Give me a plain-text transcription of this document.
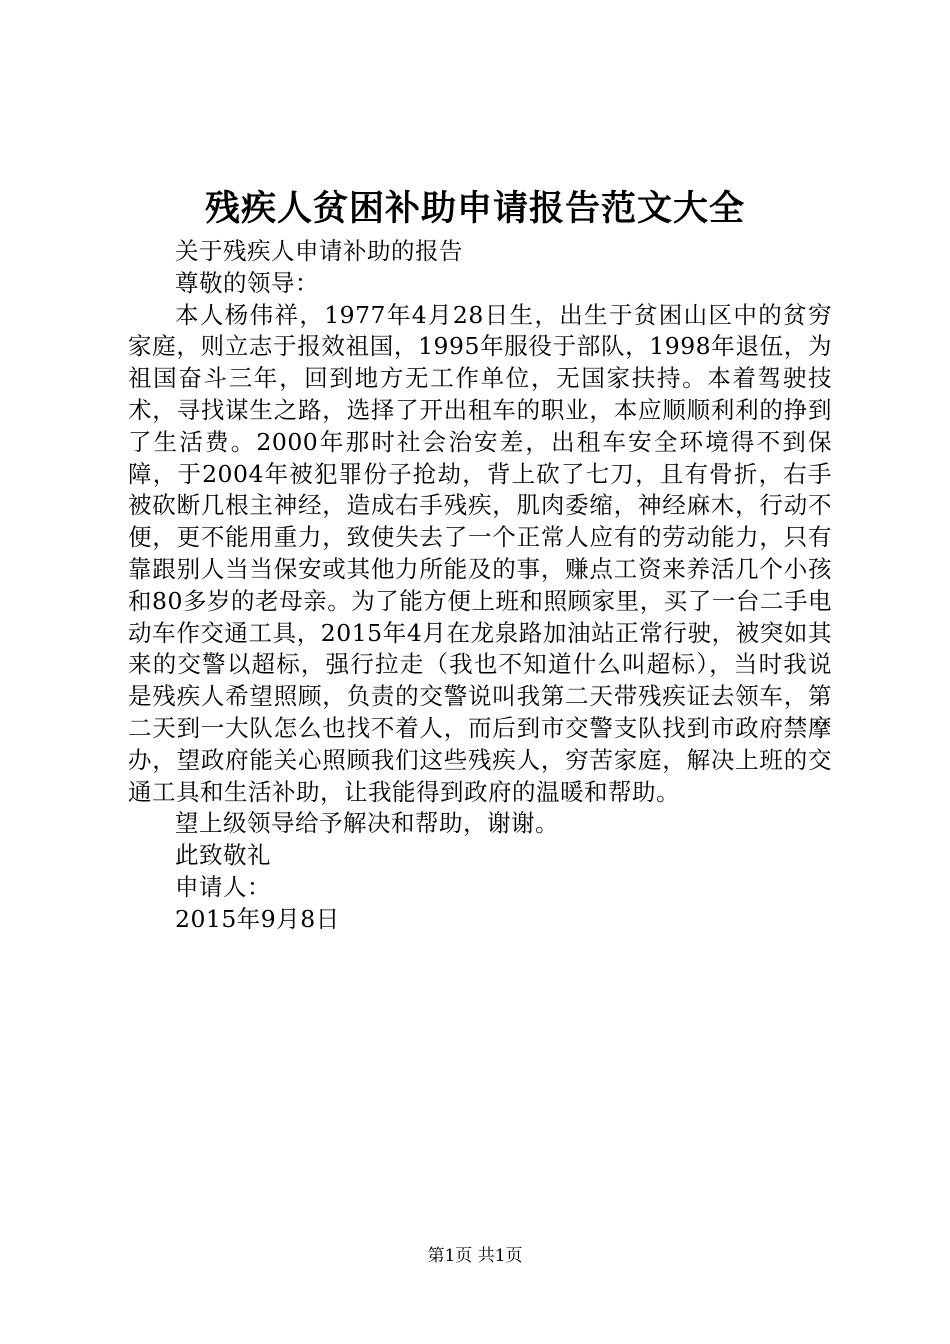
残疾人贫困补助申请报告范文大全

关于残疾人申请补助的报告

尊敬的领导：

本人杨伟祥，1977年4月28日生，出生于贫困山区中的贫穷家庭，则立志于报效祖国，1995年服役于部队，1998年退伍，为祖国奋斗三年，回到地方无工作单位，无国家扶持。本着驾驶技术，寻找谋生之路，选择了开出租车的职业，本应顺顺利利的挣到了生活费。2000年那时社会治安差，出租车安全环境得不到保障，于2004年被犯罪份子抢劫，背上砍了七刀，且有骨折，右手被砍断几根主神经，造成右手残疾，肌肉委缩，神经麻木，行动不便，更不能用重力，致使失去了一个正常人应有的劳动能力，只有靠跟别人当当保安或其他力所能及的事，赚点工资来养活几个小孩和80多岁的老母亲。为了能方便上班和照顾家里，买了一台二手电动车作交通工具，2015年4月在龙泉路加油站正常行驶，被突如其来的交警以超标，强行拉走（我也不知道什么叫超标），当时我说是残疾人希望照顾，负责的交警说叫我第二天带残疾证去领车，第二天到一大队怎么也找不着人，而后到市交警支队找到市政府禁摩办，望政府能关心照顾我们这些残疾人，穷苦家庭，解决上班的交通工具和生活补助，让我能得到政府的温暖和帮助。

望上级领导给予解决和帮助，谢谢。

此致敬礼

申请人：

2015年9月8日

第1页 共1页
